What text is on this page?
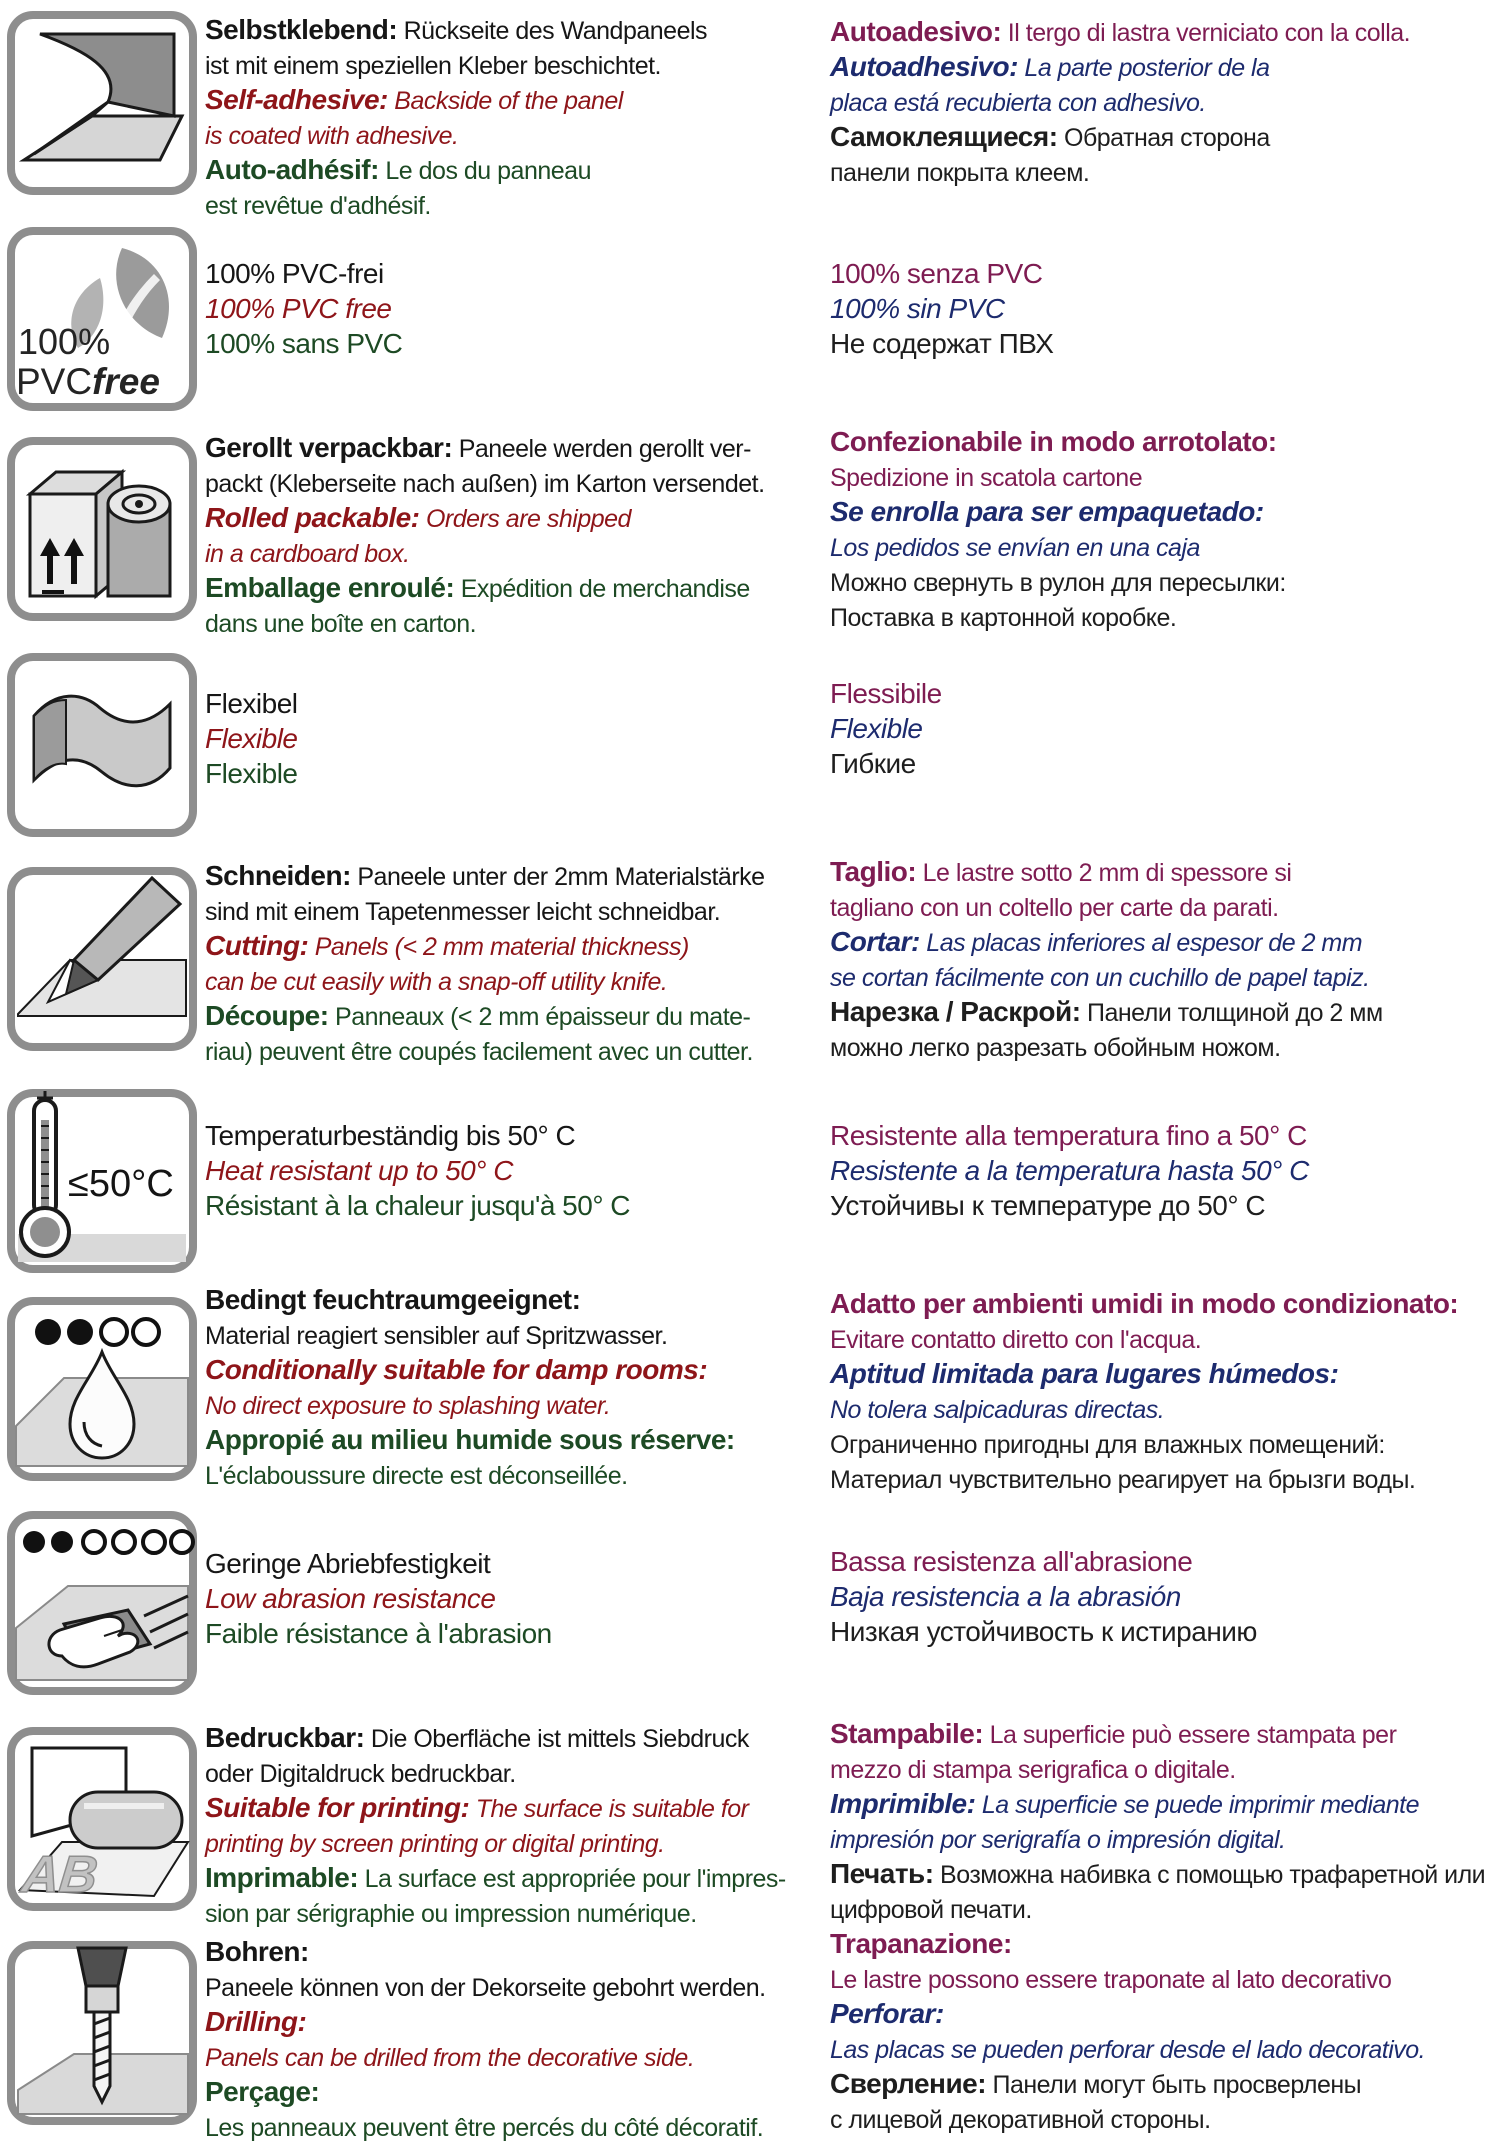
Selbstklebend: Rückseite des Wandpaneels
ist mit einem speziellen Kleber beschichtet.
Self-adhesive: Backside of the panel
is coated with adhesive.
Auto-adhésif: Le dos du panneau
est revêtue d'adhésif.
Autoadesivo: Il tergo di lastra verniciato con la colla.
Autoadhesivo: La parte posterior de la
placa está recubierta con adhesivo.
Самоклеящиеся: Обратная сторона
панели покрыта клеем.
100%
PVCfree
100% PVC-frei
100% PVC free
100% sans PVC
100% senza PVC
100% sin PVC
Не содержат ПВХ
Gerollt verpackbar: Paneele werden gerollt ver-
packt (Kleberseite nach außen) im Karton versendet.
Rolled packable: Orders are shipped
in a cardboard box.
Emballage enroulé: Expédition de merchandise
dans une boîte en carton.
Confezionabile in modo arrotolato:
Spedizione in scatola cartone
Se enrolla para ser empaquetado:
Los pedidos se envían en una caja
Можно свернуть в рулон для пересылки:
Поставка в картонной коробке.
Flexibel
Flexible
Flexible
Flessibile
Flexible
Гибкие
Schneiden: Paneele unter der 2mm Materialstärke
sind mit einem Tapetenmesser leicht schneidbar.
Cutting: Panels (< 2 mm material thickness)
can be cut easily with a snap-off utility knife.
Découpe: Panneaux (< 2 mm épaisseur du mate-
riau) peuvent être coupés facilement avec un cutter.
Taglio: Le lastre sotto 2 mm di spessore si
tagliano con un coltello per carte da parati.
Cortar: Las placas inferiores al espesor de 2 mm
se cortan fácilmente con un cuchillo de papel tapiz.
Нарезка / Раскрой: Панели толщиной до 2 мм
можно легко разрезать обойным ножом.
≤50°C
Temperaturbeständig bis 50° C
Heat resistant up to 50° C
Résistant à la chaleur jusqu'à 50° C
Resistente alla temperatura fino a 50° C
Resistente a la temperatura hasta 50° C
Устойчивы к температуре до 50° C
Bedingt feuchtraumgeeignet:
Material reagiert sensibler auf Spritzwasser.
Conditionally suitable for damp rooms:
No direct exposure to splashing water.
Appropié au milieu humide sous réserve:
L'éclaboussure directe est déconseillée.
Adatto per ambienti umidi in modo condizionato:
Evitare contatto diretto con l'acqua.
Aptitud limitada para lugares húmedos:
No tolera salpicaduras directas.
Ограниченно пригодны для влажных помещений:
Материал чувствительно реагирует на брызги воды.
Geringe Abriebfestigkeit
Low abrasion resistance
Faible résistance à l'abrasion
Bassa resistenza all'abrasione
Baja resistencia a la abrasión
Низкая устойчивость к истиранию
AB
Bedruckbar: Die Oberfläche ist mittels Siebdruck
oder Digitaldruck bedruckbar.
Suitable for printing: The surface is suitable for
printing by screen printing or digital printing.
Imprimable: La surface est appropriée pour l'impres-
sion par sérigraphie ou impression numérique.
Stampabile: La superficie può essere stampata per
mezzo di stampa serigrafica o digitale.
Imprimible: La superficie se puede imprimir mediante
impresión por serigrafía o impresión digital.
Печать: Возможна набивка с помощью трафаретной или
цифровой печати.
Bohren:
Paneele können von der Dekorseite gebohrt werden.
Drilling:
Panels can be drilled from the decorative side.
Perçage:
Les panneaux peuvent être percés du côté décoratif.
Trapanazione:
Le lastre possono essere traponate al lato decorativo
Perforar:
Las placas se pueden perforar desde el lado decorativo.
Сверление: Панели могут быть просверлены
с лицевой декоративной стороны.
